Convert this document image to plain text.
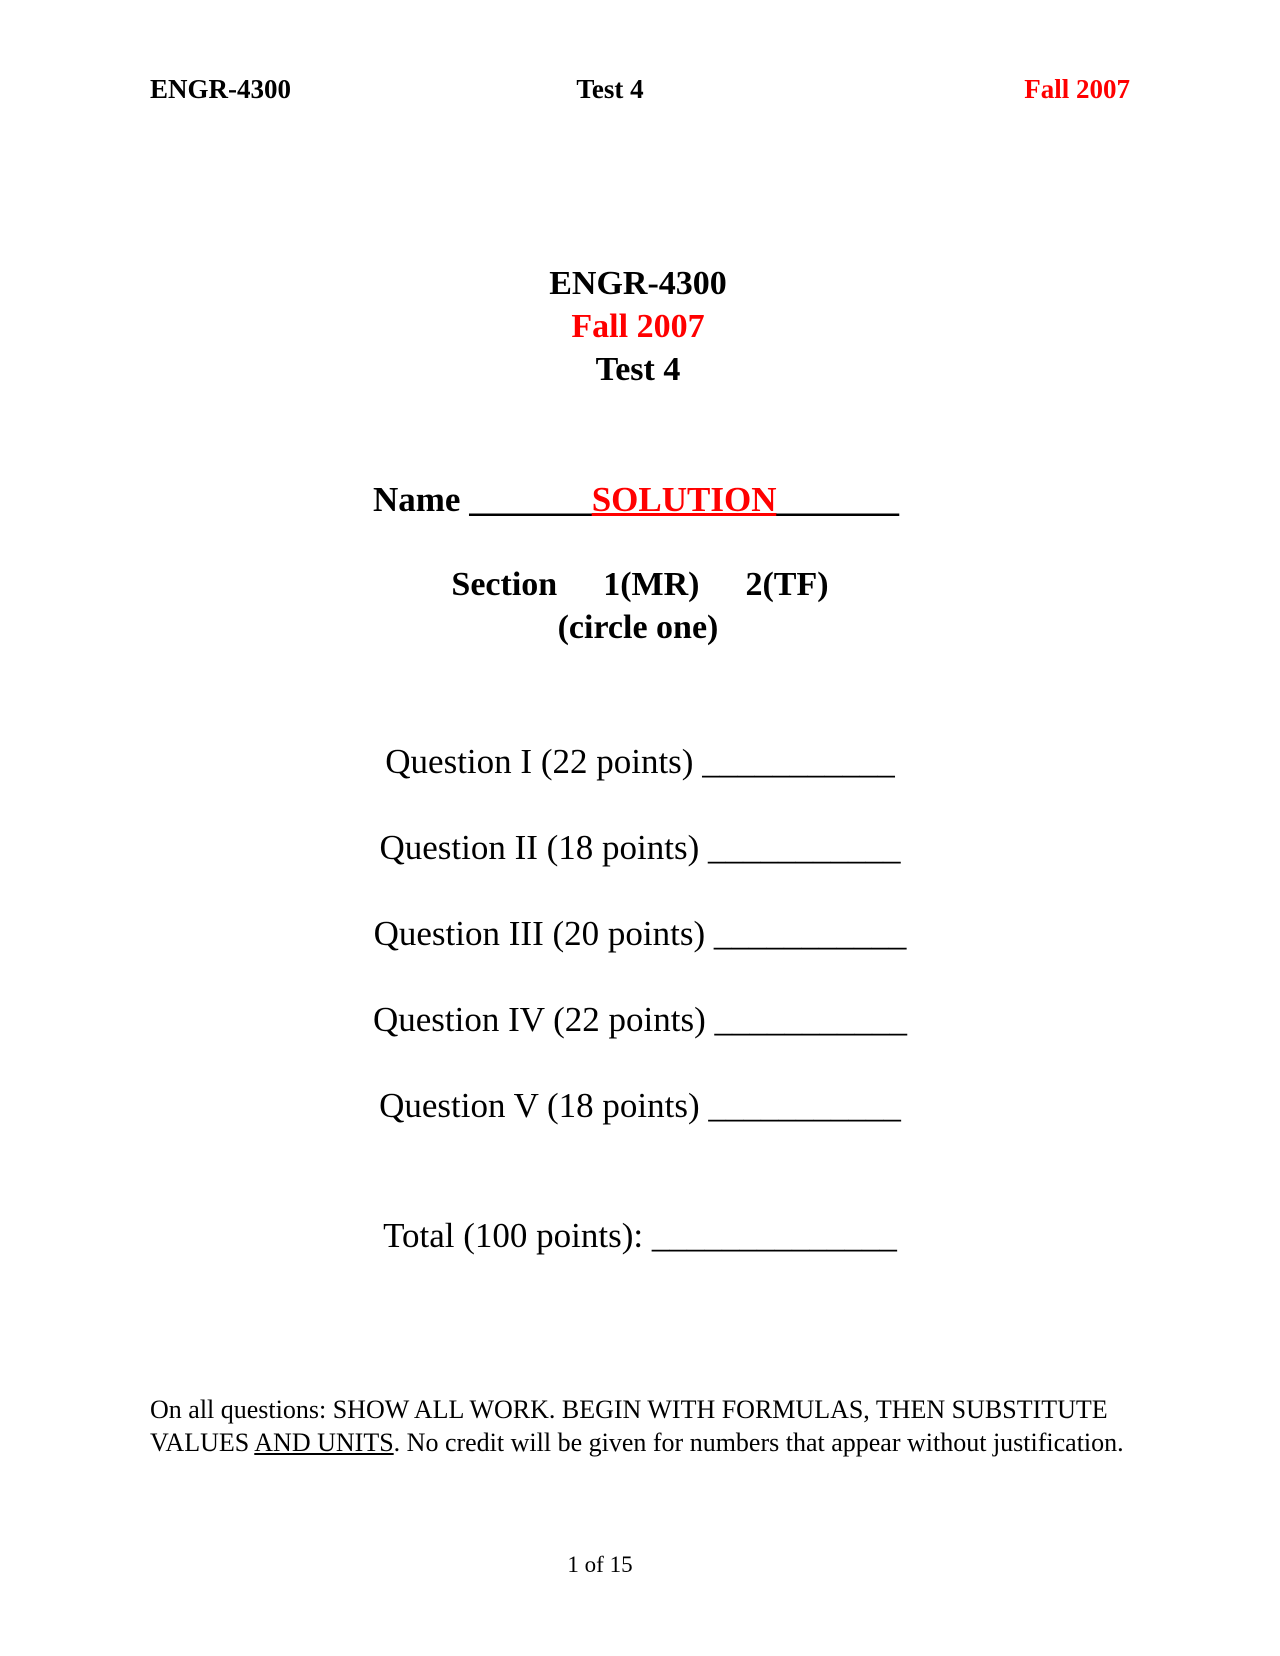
ENGR-4300	Test 4	Fall 2007
ENGR-4300
Fall 2007
Test 4
Name _______SOLUTION_______
Section 1(MR) 2(TF)
(circle one)
Question I (22 points) ___________
Question II (18 points) ___________
Question III (20 points) ___________
Question IV (22 points) ___________
Question V (18 points) ___________
Total (100 points): ______________
On all questions: SHOW ALL WORK. BEGIN WITH FORMULAS, THEN SUBSTITUTE VALUES AND UNITS. No credit will be given for numbers that appear without justification.
1 of 15
